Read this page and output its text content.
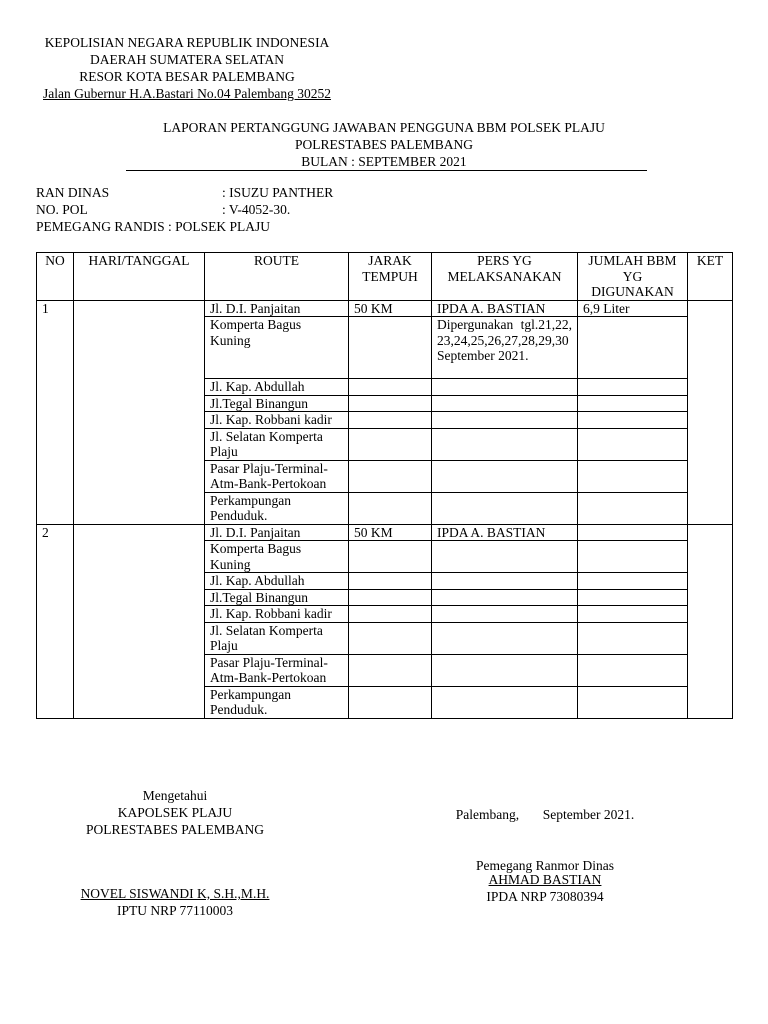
KEPOLISIAN NEGARA REPUBLIK INDONESIA
DAERAH SUMATERA SELATAN
RESOR KOTA BESAR PALEMBANG
Jalan Gubernur H.A.Bastari No.04 Palembang 30252
LAPORAN PERTANGGUNG JAWABAN PENGGUNA BBM POLSEK PLAJU
POLRESTABES PALEMBANG
BULAN : SEPTEMBER 2021
RAN DINAS	: ISUZU PANTHER
NO. POL	: V-4052-30.
PEMEGANG RANDIS : POLSEK PLAJU
NO	HARI/TANGGAL	ROUTE	JARAK TEMPUH	PERS YG MELAKSANAKAN	JUMLAH BBM YG DIGUNAKAN	KET
1		Jl. D.I. Panjaitan	50 KM	IPDA A. BASTIAN	6,9 Liter	
		Komperta Bagus Kuning		Dipergunakan tgl.21,22,23,24,25,26,27,28,29,30 September 2021.		
		Jl. Kap. Abdullah				
		Jl.Tegal Binangun				
		Jl. Kap. Robbani kadir				
		Jl. Selatan Komperta Plaju				
		Pasar Plaju-Terminal-Atm-Bank-Pertokoan				
		Perkampungan Penduduk.				
2		Jl. D.I. Panjaitan	50 KM	IPDA A. BASTIAN		
		Komperta Bagus Kuning				
		Jl. Kap. Abdullah				
		Jl.Tegal Binangun				
		Jl. Kap. Robbani kadir				
		Jl. Selatan Komperta Plaju				
		Pasar Plaju-Terminal-Atm-Bank-Pertokoan				
		Perkampungan Penduduk.				
Mengetahui
KAPOLSEK PLAJU
POLRESTABES PALEMBANG
NOVEL SISWANDI K, S.H.,M.H.
IPTU NRP 77110003

Palembang,       September 2021.

Pemegang Ranmor Dinas

AHMAD BASTIAN
IPDA NRP 73080394
